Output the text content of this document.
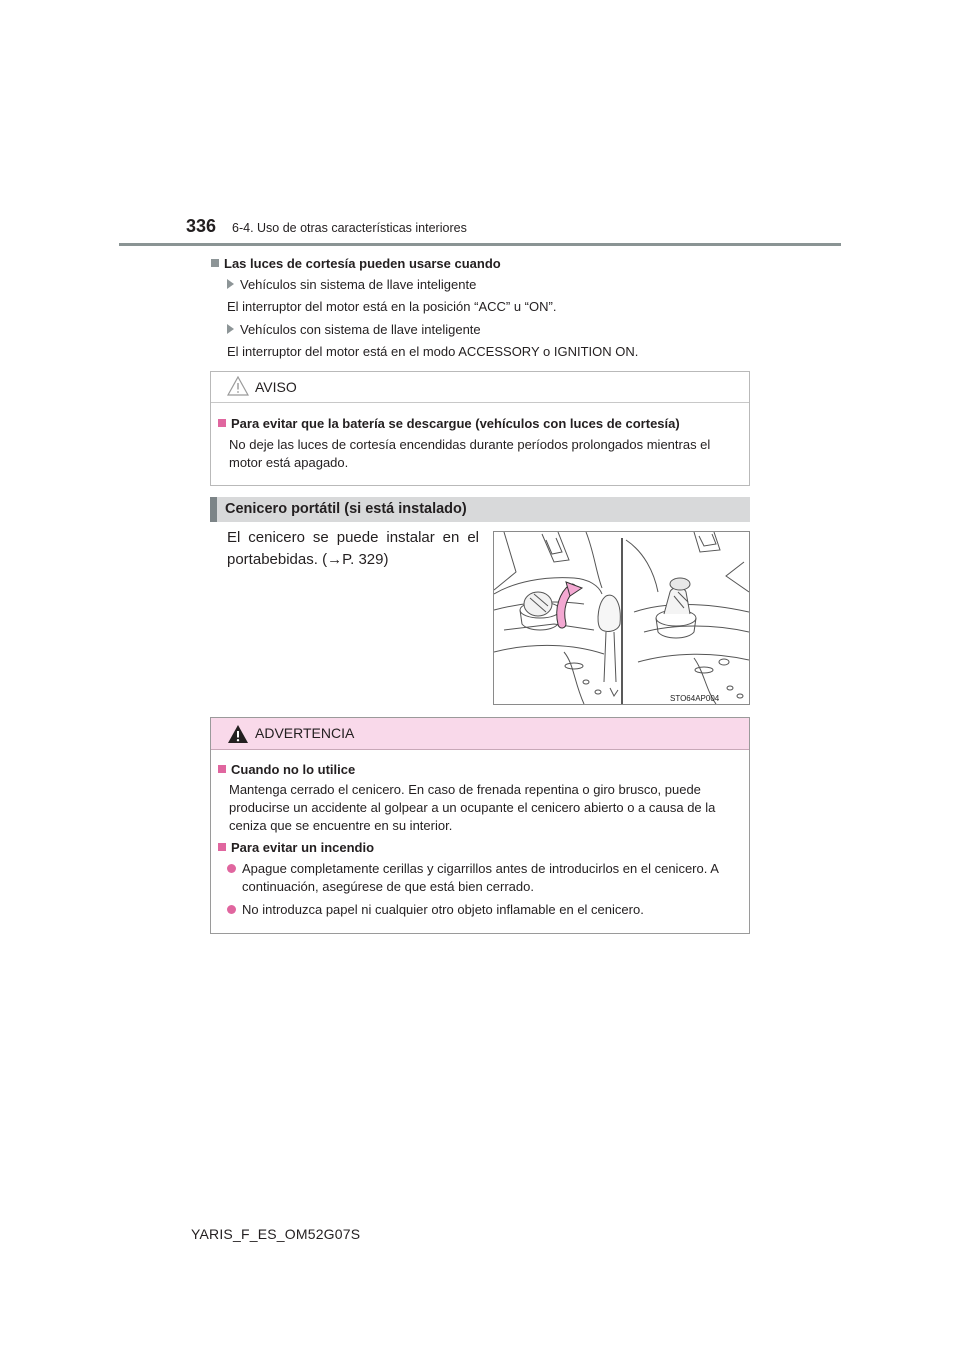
336 6-4. Uso de otras características interiores
Las luces de cortesía pueden usarse cuando
Vehículos sin sistema de llave inteligente
El interruptor del motor está en la posición “ACC” u “ON”.
Vehículos con sistema de llave inteligente
El interruptor del motor está en el modo ACCESSORY o IGNITION ON.
AVISO
Para evitar que la batería se descargue (vehículos con luces de cortesía)
No deje las luces de cortesía encendidas durante períodos prolongados mientras el
motor está apagado.
Cenicero portátil (si está instalado)
El cenicero se puede instalar en el
portabebidas. (→P. 329)
STO64AP004
ADVERTENCIA
Cuando no lo utilice
Mantenga cerrado el cenicero. En caso de frenada repentina o giro brusco, puede
producirse un accidente al golpear a un ocupante el cenicero abierto o a causa de la
ceniza que se encuentre en su interior.
Para evitar un incendio
Apague completamente cerillas y cigarrillos antes de introducirlos en el cenicero. A
continuación, asegúrese de que está bien cerrado.
No introduzca papel ni cualquier otro objeto inflamable en el cenicero.
YARIS_F_ES_OM52G07S
